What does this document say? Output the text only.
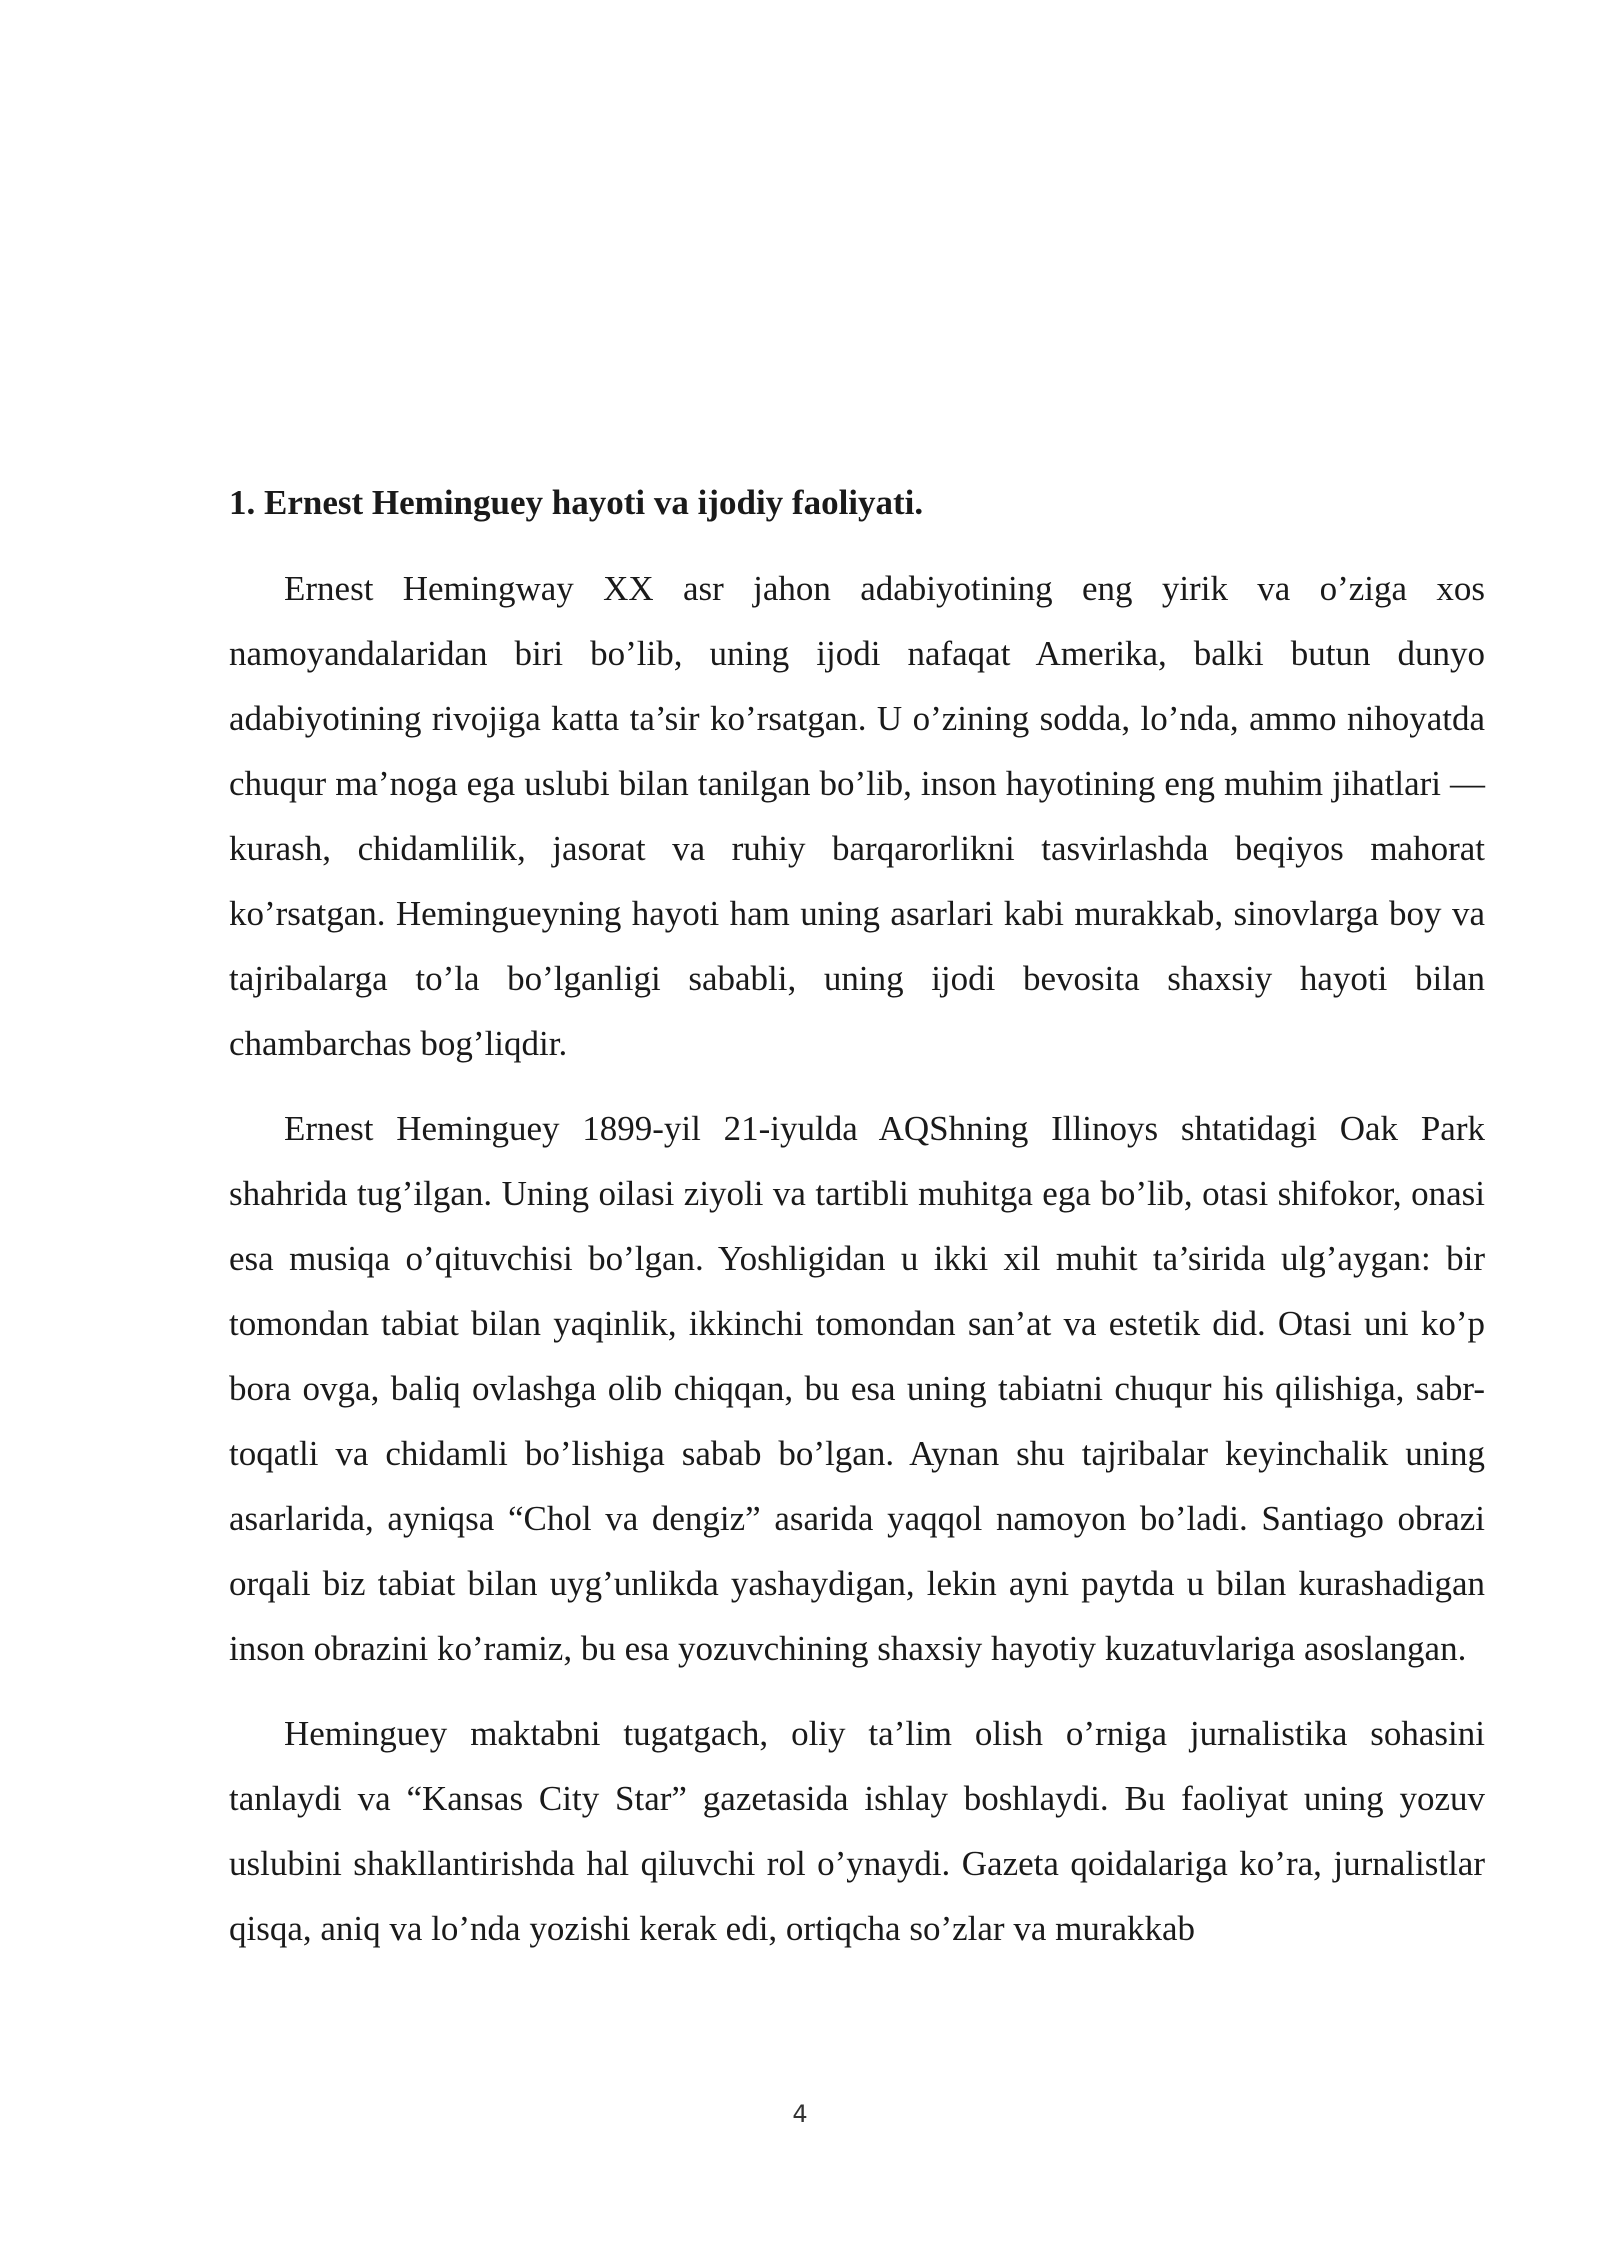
1. Ernest Heminguey hayoti va ijodiy faoliyati.

Ernest Hemingway XX asr jahon adabiyotining eng yirik va o’ziga xos namoyandalaridan biri bo’lib, uning ijodi nafaqat Amerika, balki butun dunyo adabiyotining rivojiga katta ta’sir ko’rsatgan. U o’zining sodda, lo’nda, ammo nihoyatda chuqur ma’noga ega uslubi bilan tanilgan bo’lib, inson hayotining eng muhim jihatlari — kurash, chidamlilik, jasorat va ruhiy barqarorlikni tasvirlashda beqiyos mahorat ko’rsatgan. Hemingueyning hayoti ham uning asarlari kabi murakkab, sinovlarga boy va tajribalarga to’la bo’lganligi sababli, uning ijodi bevosita shaxsiy hayoti bilan chambarchas bog’liqdir.

Ernest Heminguey 1899-yil 21-iyulda AQShning Illinoys shtatidagi Oak Park shahrida tug’ilgan. Uning oilasi ziyoli va tartibli muhitga ega bo’lib, otasi shifokor, onasi esa musiqa o’qituvchisi bo’lgan. Yoshligidan u ikki xil muhit ta’sirida ulg’aygan: bir tomondan tabiat bilan yaqinlik, ikkinchi tomondan san’at va estetik did. Otasi uni ko’p bora ovga, baliq ovlashga olib chiqqan, bu esa uning tabiatni chuqur his qilishiga, sabr-toqatli va chidamli bo’lishiga sabab bo’lgan. Aynan shu tajribalar keyinchalik uning asarlarida, ayniqsa “Chol va dengiz” asarida yaqqol namoyon bo’ladi. Santiago obrazi orqali biz tabiat bilan uyg’unlikda yashaydigan, lekin ayni paytda u bilan kurashadigan inson obrazini ko’ramiz, bu esa yozuvchining shaxsiy hayotiy kuzatuvlariga asoslangan.

Heminguey maktabni tugatgach, oliy ta’lim olish o’rniga jurnalistika sohasini tanlaydi va “Kansas City Star” gazetasida ishlay boshlaydi. Bu faoliyat uning yozuv uslubini shakllantirishda hal qiluvchi rol o’ynaydi. Gazeta qoidalariga ko’ra, jurnalistlar qisqa, aniq va lo’nda yozishi kerak edi, ortiqcha so’zlar va murakkab

4
